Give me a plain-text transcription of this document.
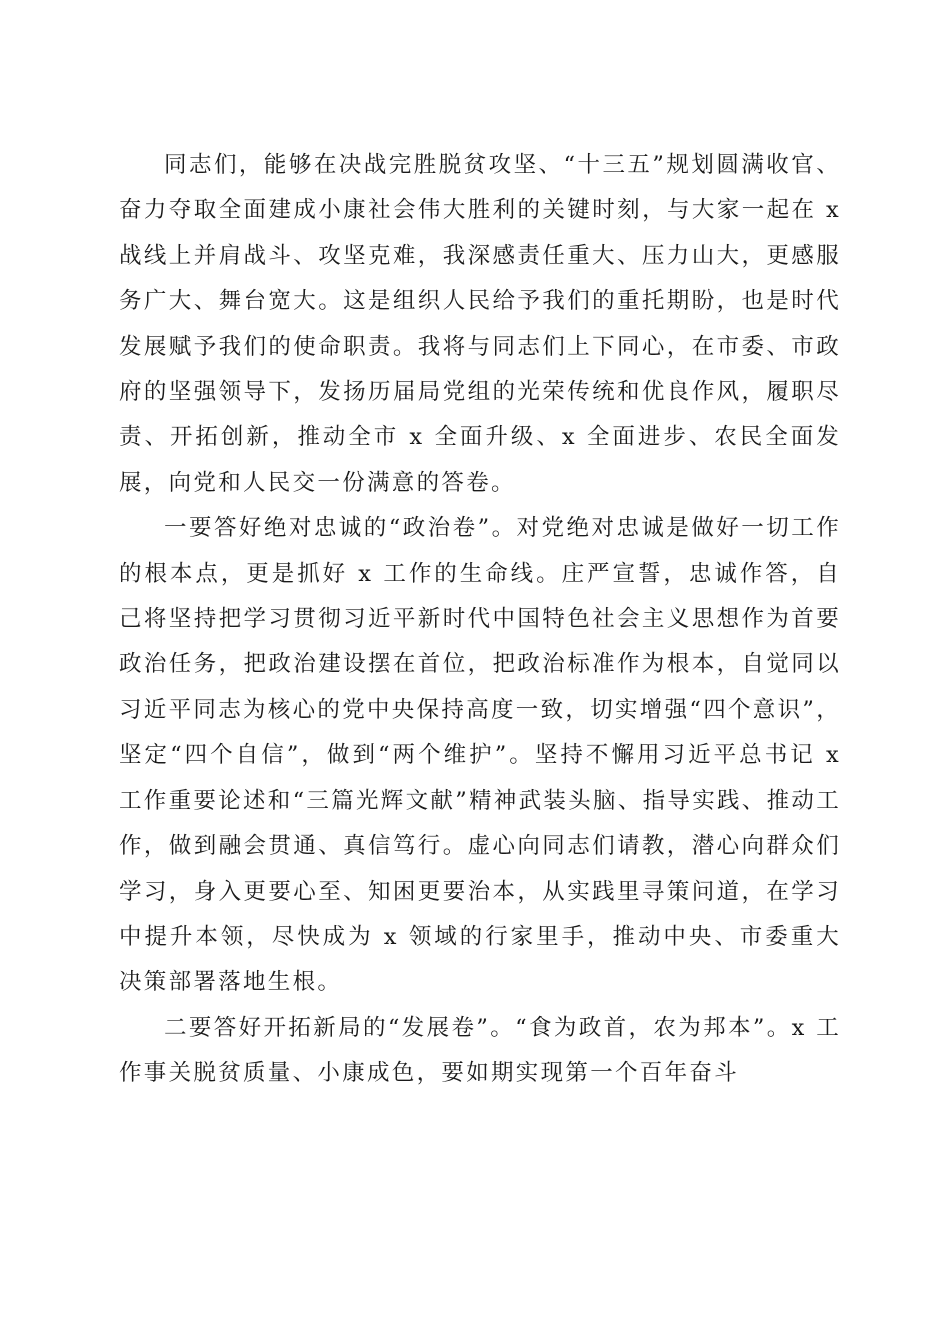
同志们，能够在决战完胜脱贫攻坚、“十三五”规划圆满收官、奋力夺取全面建成小康社会伟大胜利的关键时刻，与大家一起在 x 战线上并肩战斗、攻坚克难，我深感责任重大、压力山大，更感服务广大、舞台宽大。这是组织人民给予我们的重托期盼，也是时代发展赋予我们的使命职责。我将与同志们上下同心，在市委、市政府的坚强领导下，发扬历届局党组的光荣传统和优良作风，履职尽责、开拓创新，推动全市 x 全面升级、x 全面进步、农民全面发展，向党和人民交一份满意的答卷。

一要答好绝对忠诚的“政治卷”。对党绝对忠诚是做好一切工作的根本点，更是抓好 x 工作的生命线。庄严宣誓，忠诚作答，自己将坚持把学习贯彻习近平新时代中国特色社会主义思想作为首要政治任务，把政治建设摆在首位，把政治标准作为根本，自觉同以习近平同志为核心的党中央保持高度一致，切实增强“四个意识”，坚定“四个自信”，做到“两个维护”。坚持不懈用习近平总书记 x 工作重要论述和“三篇光辉文献”精神武装头脑、指导实践、推动工作，做到融会贯通、真信笃行。虚心向同志们请教，潜心向群众们学习，身入更要心至、知困更要治本，从实践里寻策问道，在学习中提升本领，尽快成为 x 领域的行家里手，推动中央、市委重大决策部署落地生根。

二要答好开拓新局的“发展卷”。“食为政首，农为邦本”。x 工作事关脱贫质量、小康成色，要如期实现第一个百年奋斗
